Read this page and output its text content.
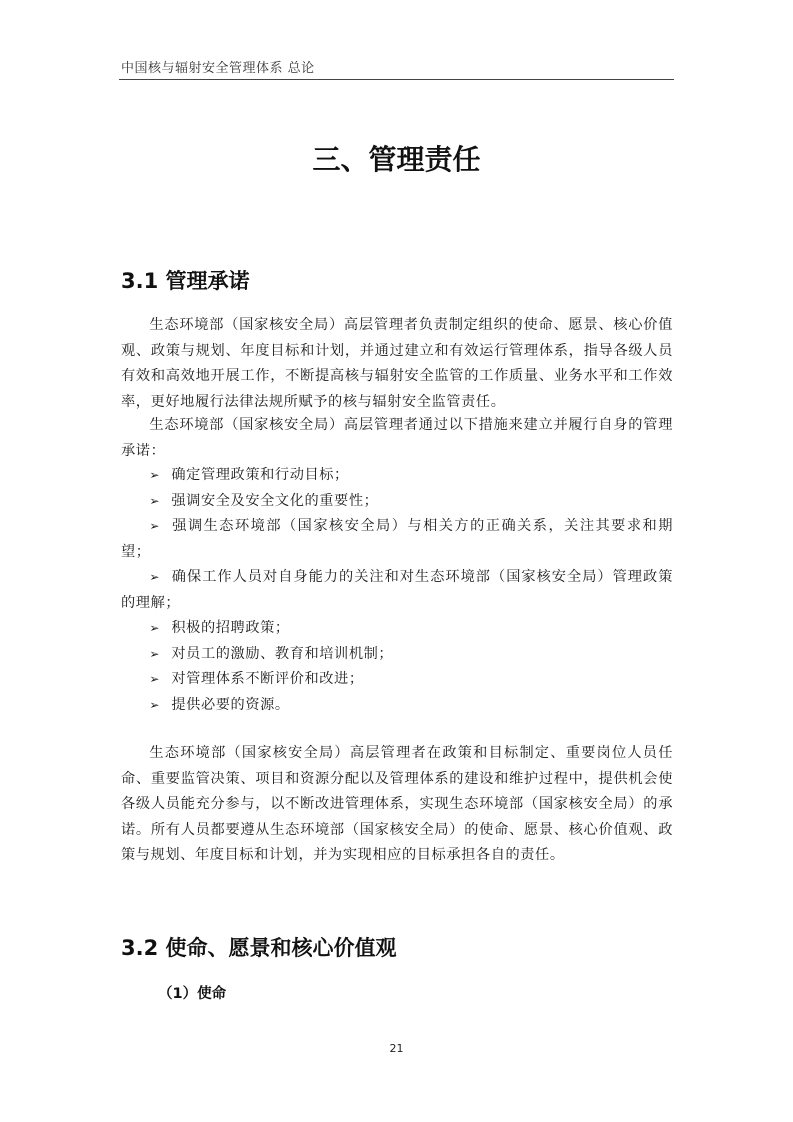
中国核与辐射安全管理体系 总论
三、管理责任
3.1 管理承诺

生态环境部（国家核安全局）高层管理者负责制定组织的使命、愿景、核心价值观、政策与规划、年度目标和计划，并通过建立和有效运行管理体系，指导各级人员有效和高效地开展工作，不断提高核与辐射安全监管的工作质量、业务水平和工作效率，更好地履行法律法规所赋予的核与辐射安全监管责任。

生态环境部（国家核安全局）高层管理者通过以下措施来建立并履行自身的管理承诺：

➢ 确定管理政策和行动目标；
➢ 强调安全及安全文化的重要性；
➢ 强调生态环境部（国家核安全局）与相关方的正确关系，关注其要求和期望；
➢ 确保工作人员对自身能力的关注和对生态环境部（国家核安全局）管理政策的理解；
➢ 积极的招聘政策；
➢ 对员工的激励、教育和培训机制；
➢ 对管理体系不断评价和改进；
➢ 提供必要的资源。

生态环境部（国家核安全局）高层管理者在政策和目标制定、重要岗位人员任命、重要监管决策、项目和资源分配以及管理体系的建设和维护过程中，提供机会使各级人员能充分参与，以不断改进管理体系，实现生态环境部（国家核安全局）的承诺。所有人员都要遵从生态环境部（国家核安全局）的使命、愿景、核心价值观、政策与规划、年度目标和计划，并为实现相应的目标承担各自的责任。

3.2 使命、愿景和核心价值观
（1）使命
21
